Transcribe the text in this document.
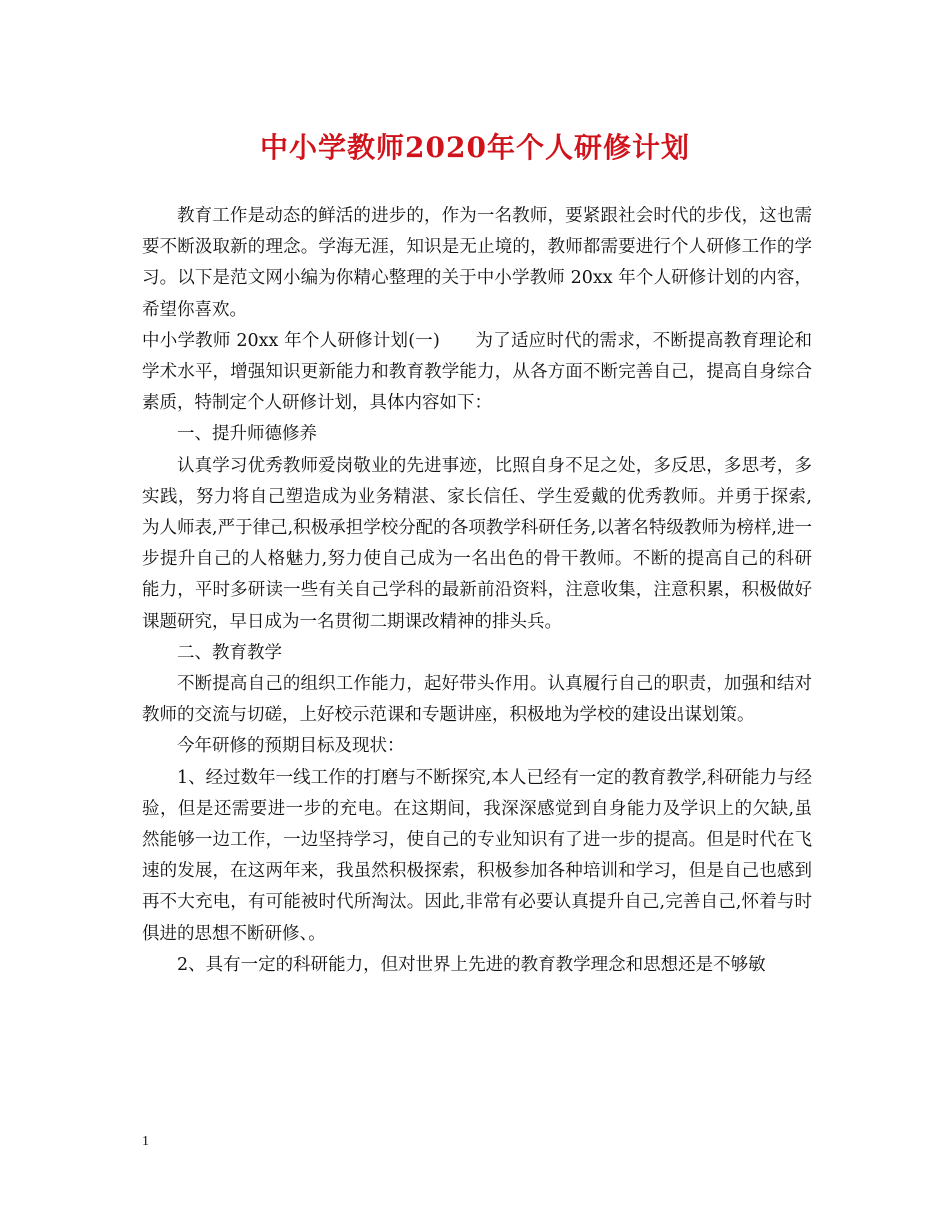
中小学教师2020年个人研修计划

教育工作是动态的鲜活的进步的，作为一名教师，要紧跟社会时代的步伐，这也需要不断汲取新的理念。学海无涯，知识是无止境的，教师都需要进行个人研修工作的学习。以下是范文网小编为你精心整理的关于中小学教师 20xx 年个人研修计划的内容，希望你喜欢。

中小学教师 20xx 年个人研修计划(一)　　为了适应时代的需求，不断提高教育理论和学术水平，增强知识更新能力和教育教学能力，从各方面不断完善自己，提高自身综合素质，特制定个人研修计划，具体内容如下：

一、提升师德修养

认真学习优秀教师爱岗敬业的先进事迹，比照自身不足之处，多反思，多思考，多实践，努力将自己塑造成为业务精湛、家长信任、学生爱戴的优秀教师。并勇于探索,为人师表,严于律己,积极承担学校分配的各项教学科研任务,以著名特级教师为榜样,进一步提升自己的人格魅力,努力使自己成为一名出色的骨干教师。不断的提高自己的科研能力，平时多研读一些有关自己学科的最新前沿资料，注意收集，注意积累，积极做好课题研究，早日成为一名贯彻二期课改精神的排头兵。

二、教育教学

不断提高自己的组织工作能力，起好带头作用。认真履行自己的职责，加强和结对教师的交流与切磋，上好校示范课和专题讲座，积极地为学校的建设出谋划策。

今年研修的预期目标及现状：

1、经过数年一线工作的打磨与不断探究,本人已经有一定的教育教学,科研能力与经验，但是还需要进一步的充电。在这期间，我深深感觉到自身能力及学识上的欠缺,虽然能够一边工作，一边坚持学习，使自己的专业知识有了进一步的提高。但是时代在飞速的发展，在这两年来，我虽然积极探索，积极参加各种培训和学习，但是自己也感到再不大充电，有可能被时代所淘汰。因此,非常有必要认真提升自己,完善自己,怀着与时俱进的思想不断研修、。

2、具有一定的科研能力，但对世界上先进的教育教学理念和思想还是不够敏

1
